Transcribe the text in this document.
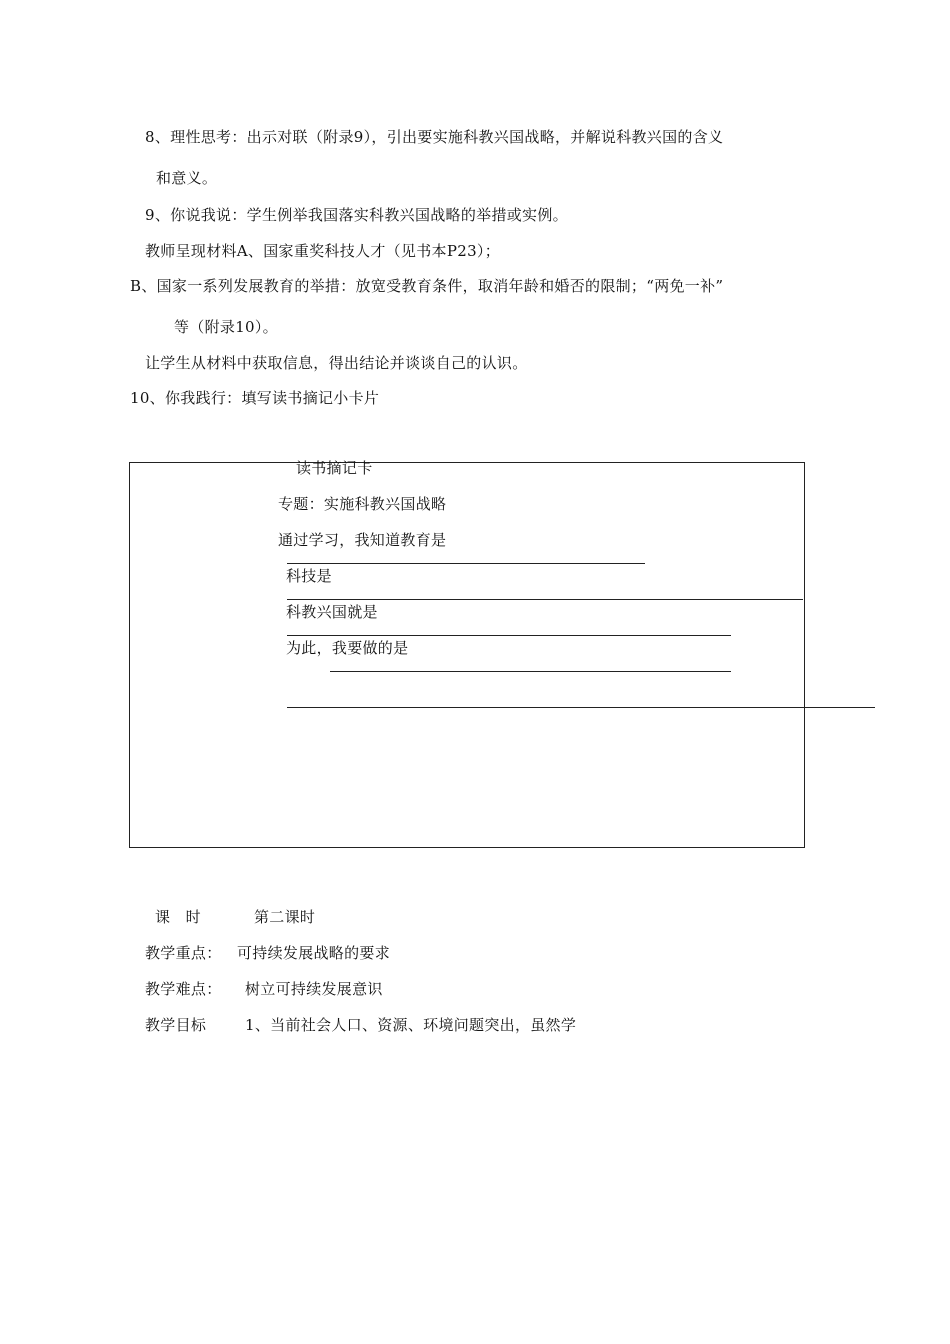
8、理性思考：出示对联（附录9），引出要实施科教兴国战略，并解说科教兴国的含义
和意义。
9、你说我说：学生例举我国落实科教兴国战略的举措或实例。
教师呈现材料A、国家重奖科技人才（见书本P23）；
B、国家一系列发展教育的举措：放宽受教育条件，取消年龄和婚否的限制；“两免一补”
等（附录10）。
让学生从材料中获取信息，得出结论并谈谈自己的认识。
10、你我践行：填写读书摘记小卡片
读书摘记卡
专题：实施科教兴国战略
通过学习，我知道教育是
科技是
科教兴国就是
为此，我要做的是
课　时	第二课时
教学重点： 可持续发展战略的要求
教学难点： 树立可持续发展意识
教学目标	1、当前社会人口、资源、环境问题突出，虽然学
